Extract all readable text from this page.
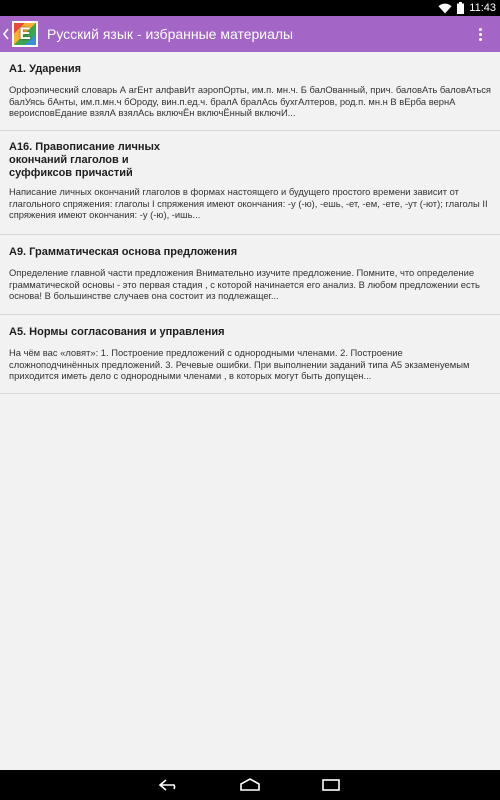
11:43
E	Русский язык - избранные материалы
А1. Ударения
Орфоэпический словарь А агЕнт алфавИт аэропОрты, им.п. мн.ч. Б балОванный, прич. баловАть баловАться балУясь бАнты, им.п.мн.ч бОроду, вин.п.ед.ч. бралА бралАсь бухгАлтеров, род.п. мн.н В вЕрба вернА вероисповЕдание взялА взялАсь включЁн включЁнный включИ...
А16. Правописание личных окончаний глаголов и суффиксов причастий
Написание личных окончаний глаголов в формах настоящего и будущего простого времени зависит от глагольного спряжения: глаголы I спряжения имеют окончания: -у (-ю), -ешь, -ет, -ем, -ете, -ут (-ют); глаголы II спряжения имеют окончания: -у (-ю), -ишь...
А9. Грамматическая основа предложения
Определение главной части предложения Внимательно изучите предложение. Помните, что определение грамматической основы - это первая стадия , с которой начинается его анализ. В любом предложении есть основа! В большинстве случаев она состоит из подлежащег...
А5. Нормы согласования и управления
На чём вас «ловят»: 1. Построение предложений с однородными членами. 2. Построение сложноподчинённых предложений. 3. Речевые ошибки. При выполнении заданий типа А5 экзаменуемым приходится иметь дело с однородными членами , в которых могут быть допущен...
